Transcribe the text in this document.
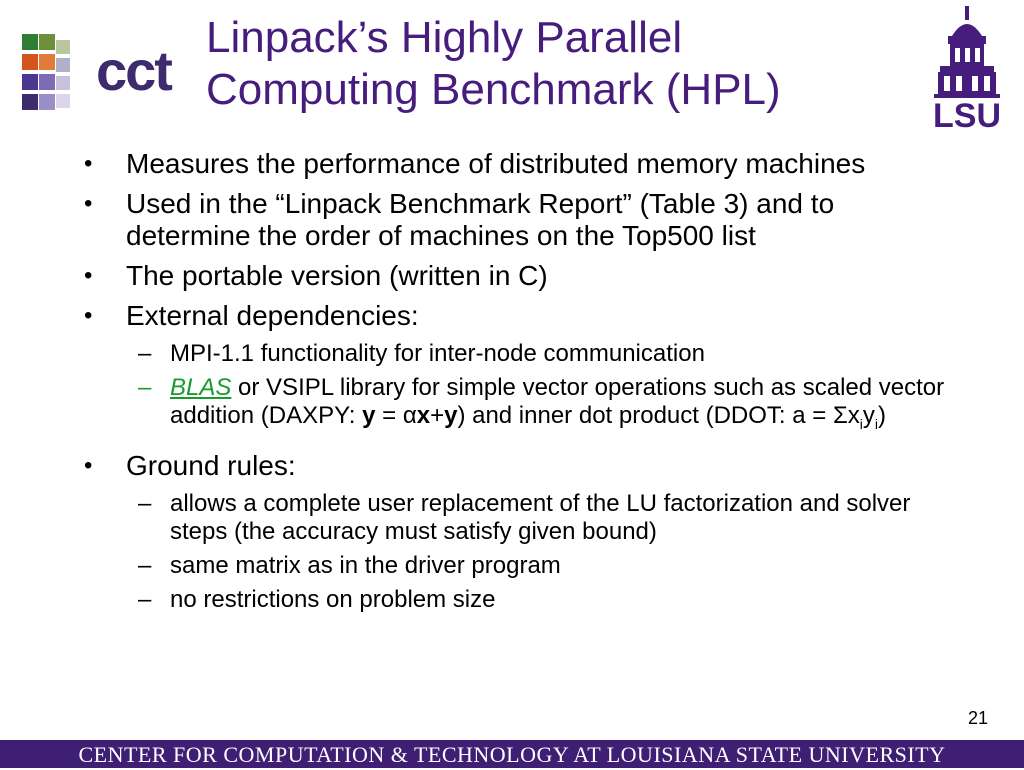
cct
Linpack’s Highly Parallel
Computing Benchmark (HPL)
LSU
• Measures the performance of distributed memory machines
• Used in the “Linpack Benchmark Report” (Table 3) and to determine the order of machines on the Top500 list
• The portable version (written in C)
• External dependencies:
– MPI-1.1 functionality for inter-node communication
– BLAS or VSIPL library for simple vector operations such as scaled vector addition (DAXPY: y = αx+y) and inner dot product (DDOT: $a = \Sigma x_iy_i$)
• Ground rules:
– allows a complete user replacement of the LU factorization and solver steps (the accuracy must satisfy given bound)
– same matrix as in the driver program
– no restrictions on problem size
21
CENTER FOR COMPUTATION & TECHNOLOGY AT LOUISIANA STATE UNIVERSITY
